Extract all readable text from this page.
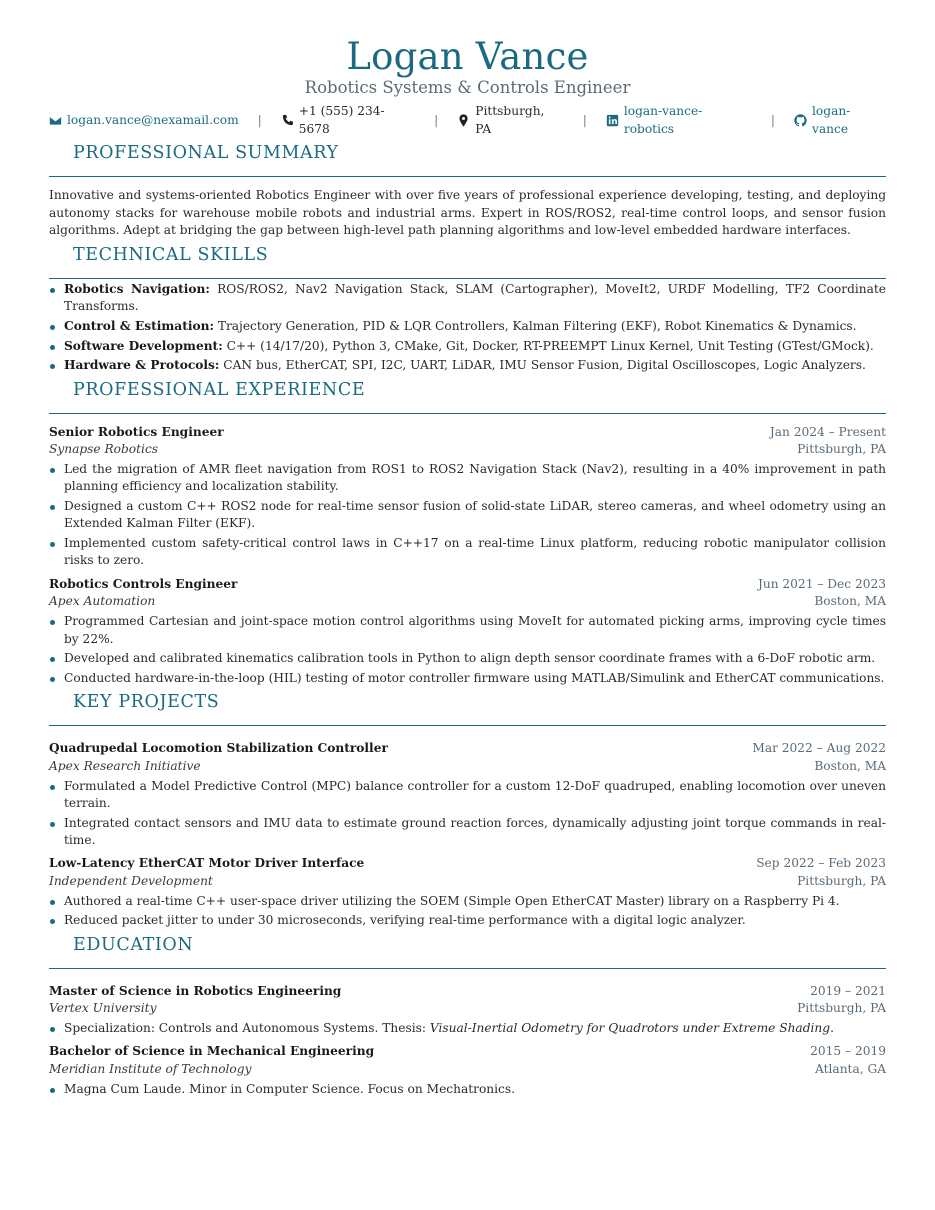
Logan Vance
Robotics Systems & Controls Engineer
logan.vance@nexamail.com	|
+1 (555) 234-5678
|
Pittsburgh, PA
|
logan-vance-robotics
|
logan-vance
PROFESSIONAL SUMMARY
Innovative and systems-oriented Robotics Engineer with over five years of professional experience developing, testing, and deploying autonomy stacks for warehouse mobile robots and industrial arms. Expert in ROS/ROS2, real-time control loops, and sensor fusion algorithms. Adept at bridging the gap between high-level path planning algorithms and low-level embedded hardware interfaces.
TECHNICAL SKILLS
Robotics Navigation: ROS/ROS2, Nav2 Navigation Stack, SLAM (Cartographer), MoveIt2, URDF Modelling, TF2 Coordinate Transforms.
Control & Estimation: Trajectory Generation, PID & LQR Controllers, Kalman Filtering (EKF), Robot Kinematics & Dynamics.
Software Development: C++ (14/17/20), Python 3, CMake, Git, Docker, RT-PREEMPT Linux Kernel, Unit Testing (GTest/GMock).
Hardware & Protocols: CAN bus, EtherCAT, SPI, I2C, UART, LiDAR, IMU Sensor Fusion, Digital Oscilloscopes, Logic Analyzers.
PROFESSIONAL EXPERIENCE
Senior Robotics Engineer	Jan 2024 – Present
Synapse Robotics	Pittsburgh, PA
Led the migration of AMR fleet navigation from ROS1 to ROS2 Navigation Stack (Nav2), resulting in a 40% improvement in path planning efficiency and localization stability.
Designed a custom C++ ROS2 node for real-time sensor fusion of solid-state LiDAR, stereo cameras, and wheel odometry using an Extended Kalman Filter (EKF).
Implemented custom safety-critical control laws in C++17 on a real-time Linux platform, reducing robotic manipulator collision risks to zero.
Robotics Controls Engineer	Jun 2021 – Dec 2023
Apex Automation	Boston, MA
Programmed Cartesian and joint-space motion control algorithms using MoveIt for automated picking arms, improving cycle times by 22%.
Developed and calibrated kinematics calibration tools in Python to align depth sensor coordinate frames with a 6-DoF robotic arm.
Conducted hardware-in-the-loop (HIL) testing of motor controller firmware using MATLAB/Simulink and EtherCAT communications.
KEY PROJECTS
Quadrupedal Locomotion Stabilization Controller	Mar 2022 – Aug 2022
Apex Research Initiative	Boston, MA
Formulated a Model Predictive Control (MPC) balance controller for a custom 12-DoF quadruped, enabling locomotion over uneven terrain.
Integrated contact sensors and IMU data to estimate ground reaction forces, dynamically adjusting joint torque commands in real-time.
Low-Latency EtherCAT Motor Driver Interface	Sep 2022 – Feb 2023
Independent Development	Pittsburgh, PA
Authored a real-time C++ user-space driver utilizing the SOEM (Simple Open EtherCAT Master) library on a Raspberry Pi 4.
Reduced packet jitter to under 30 microseconds, verifying real-time performance with a digital logic analyzer.
EDUCATION
Master of Science in Robotics Engineering	2019 – 2021
Vertex University	Pittsburgh, PA
Specialization: Controls and Autonomous Systems. Thesis: Visual-Inertial Odometry for Quadrotors under Extreme Shading.
Bachelor of Science in Mechanical Engineering	2015 – 2019
Meridian Institute of Technology	Atlanta, GA
Magna Cum Laude. Minor in Computer Science. Focus on Mechatronics.
